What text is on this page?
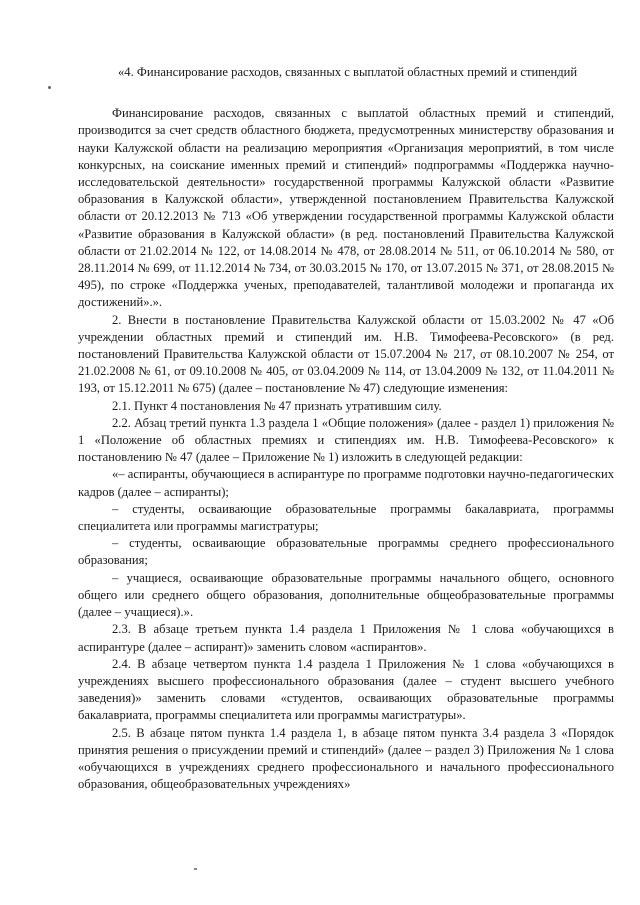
«4. Финансирование расходов, связанных с выплатой областных премий и стипендий

Финансирование расходов, связанных с выплатой областных премий и стипендий, производится за счет средств областного бюджета, предусмотренных министерству образования и науки Калужской области на реализацию мероприятия «Организация мероприятий, в том числе конкурсных, на соискание именных премий и стипендий» подпрограммы «Поддержка научно-исследовательской деятельности» государственной программы Калужской области «Развитие образования в Калужской области», утвержденной постановлением Правительства Калужской области от 20.12.2013 № 713 «Об утверждении государственной программы Калужской области «Развитие образования в Калужской области» (в ред. постановлений Правительства Калужской области от 21.02.2014 № 122, от 14.08.2014 № 478, от 28.08.2014 № 511, от 06.10.2014 № 580, от 28.11.2014 № 699, от 11.12.2014 № 734, от 30.03.2015 № 170, от 13.07.2015 № 371, от 28.08.2015 № 495), по строке «Поддержка ученых, преподавателей, талантливой молодежи и пропаганда их достижений».».

2. Внести в постановление Правительства Калужской области от 15.03.2002 № 47 «Об учреждении областных премий и стипендий им. Н.В. Тимофеева-Ресовского» (в ред. постановлений Правительства Калужской области от 15.07.2004 № 217, от 08.10.2007 № 254, от 21.02.2008 № 61, от 09.10.2008 № 405, от 03.04.2009 № 114, от 13.04.2009 № 132, от 11.04.2011 № 193, от 15.12.2011 № 675) (далее – постановление № 47) следующие изменения:

2.1. Пункт 4 постановления № 47 признать утратившим силу.

2.2. Абзац третий пункта 1.3 раздела 1 «Общие положения» (далее - раздел 1) приложения № 1 «Положение об областных премиях и стипендиях им. Н.В. Тимофеева-Ресовского» к постановлению № 47 (далее – Приложение № 1) изложить в следующей редакции:

«– аспиранты, обучающиеся в аспирантуре по программе подготовки научно-педагогических кадров (далее – аспиранты);

– студенты, осваивающие образовательные программы бакалавриата, программы специалитета или программы магистратуры;

– студенты, осваивающие образовательные программы среднего профессионального образования;

– учащиеся, осваивающие образовательные программы начального общего, основного общего или среднего общего образования, дополнительные общеобразовательные программы (далее – учащиеся).».

2.3. В абзаце третьем пункта 1.4 раздела 1 Приложения № 1 слова «обучающихся в аспирантуре (далее – аспирант)» заменить словом «аспирантов».

2.4. В абзаце четвертом пункта 1.4 раздела 1 Приложения № 1 слова «обучающихся в учреждениях высшего профессионального образования (далее – студент высшего учебного заведения)» заменить словами «студентов, осваивающих образовательные программы бакалавриата, программы специалитета или программы магистратуры».

2.5. В абзаце пятом пункта 1.4 раздела 1, в абзаце пятом пункта 3.4 раздела 3 «Порядок принятия решения о присуждении премий и стипендий» (далее – раздел 3) Приложения № 1 слова «обучающихся в учреждениях среднего профессионального и начального профессионального образования, общеобразовательных учреждениях»
